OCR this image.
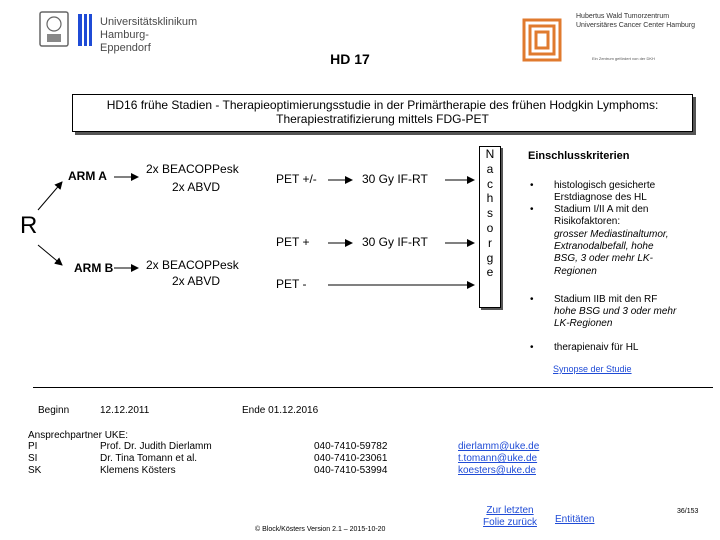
Universitätsklinikum
Hamburg-Eppendorf
Hubertus Wald Tumorzentrum
Universitäres Cancer Center Hamburg
Ein Zentrum gefördert von der DKH
HD 17
HD16 frühe Stadien - Therapieoptimierungsstudie in der Primärtherapie des frühen Hodgkin Lymphoms: Therapiestratifizierung mittels FDG-PET
R
ARM A	2x BEACOPPesk
2x ABVD
PET +/-	30 Gy IF-RT
ARM B	2x BEACOPPesk
2x ABVD
PET +	30 Gy IF-RT
PET -
N
a
c
h
s
o
r
g
e
Einschlusskriterien
•
•
•
•
histologisch gesicherte
Erstdiagnose des HL
Stadium I/II A mit den
Risikofaktoren:
grosser Mediastinaltumor,
Extranodalbefall, hohe
BSG, 3 oder mehr LK-
Regionen
Stadium IIB mit den RF
hohe BSG und 3 oder mehr
LK-Regionen
therapienaiv für HL
Synopse der Studie
Beginn	12.12.2011	Ende 01.12.2016
Ansprechpartner UKE:
PI	Prof. Dr. Judith Dierlamm	040-7410-59782	dierlamm@uke.de
SI	Dr. Tina Tomann et al.	040-7410-23061	t.tomann@uke.de
SK	Klemens Kösters	040-7410-53994	koesters@uke.de
Zur letzten
Folie zurück	Entitäten
36/153
© Block/Kösters Version 2.1 – 2015-10-20
